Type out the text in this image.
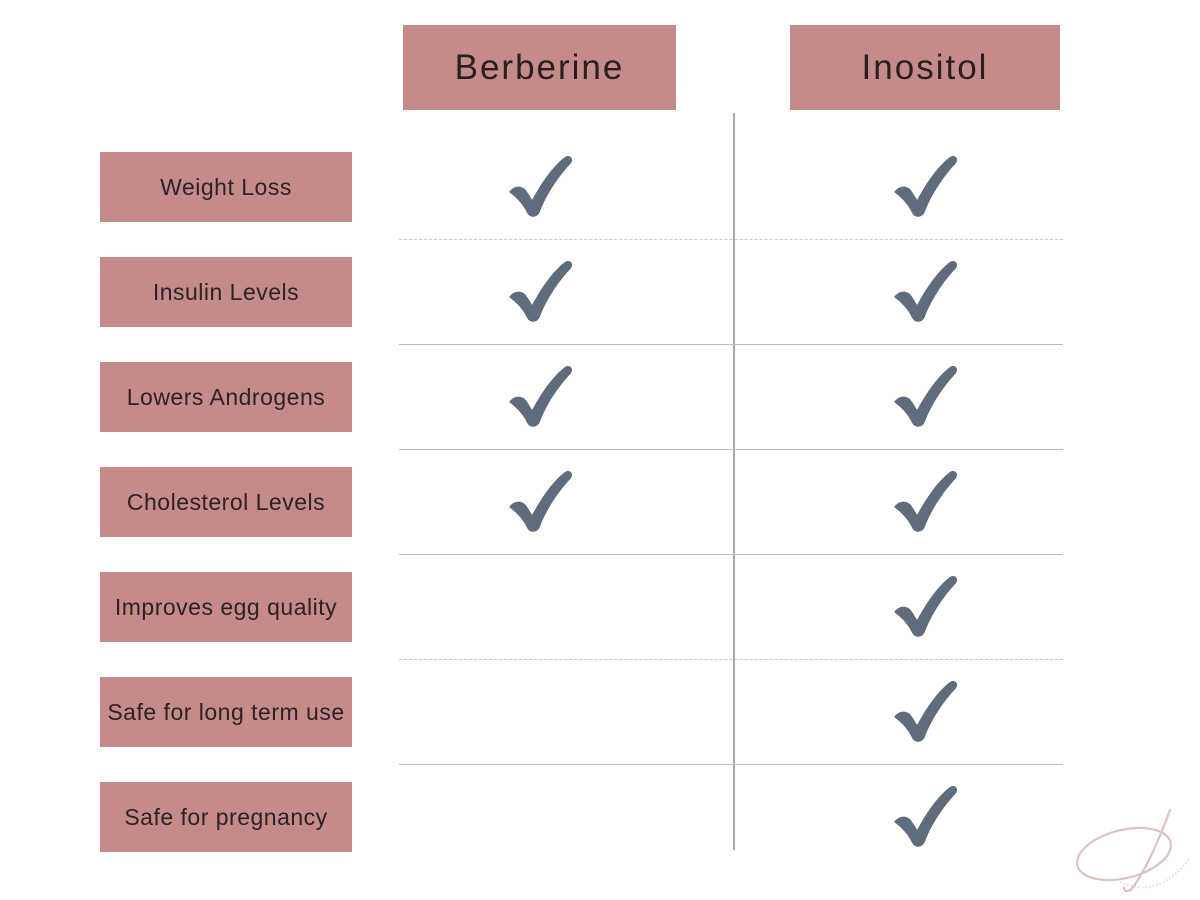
Berberine	Inositol
Weight Loss
Insulin Levels
Lowers Androgens
Cholesterol Levels
Improves egg quality
Safe for long term use
Safe for pregnancy
